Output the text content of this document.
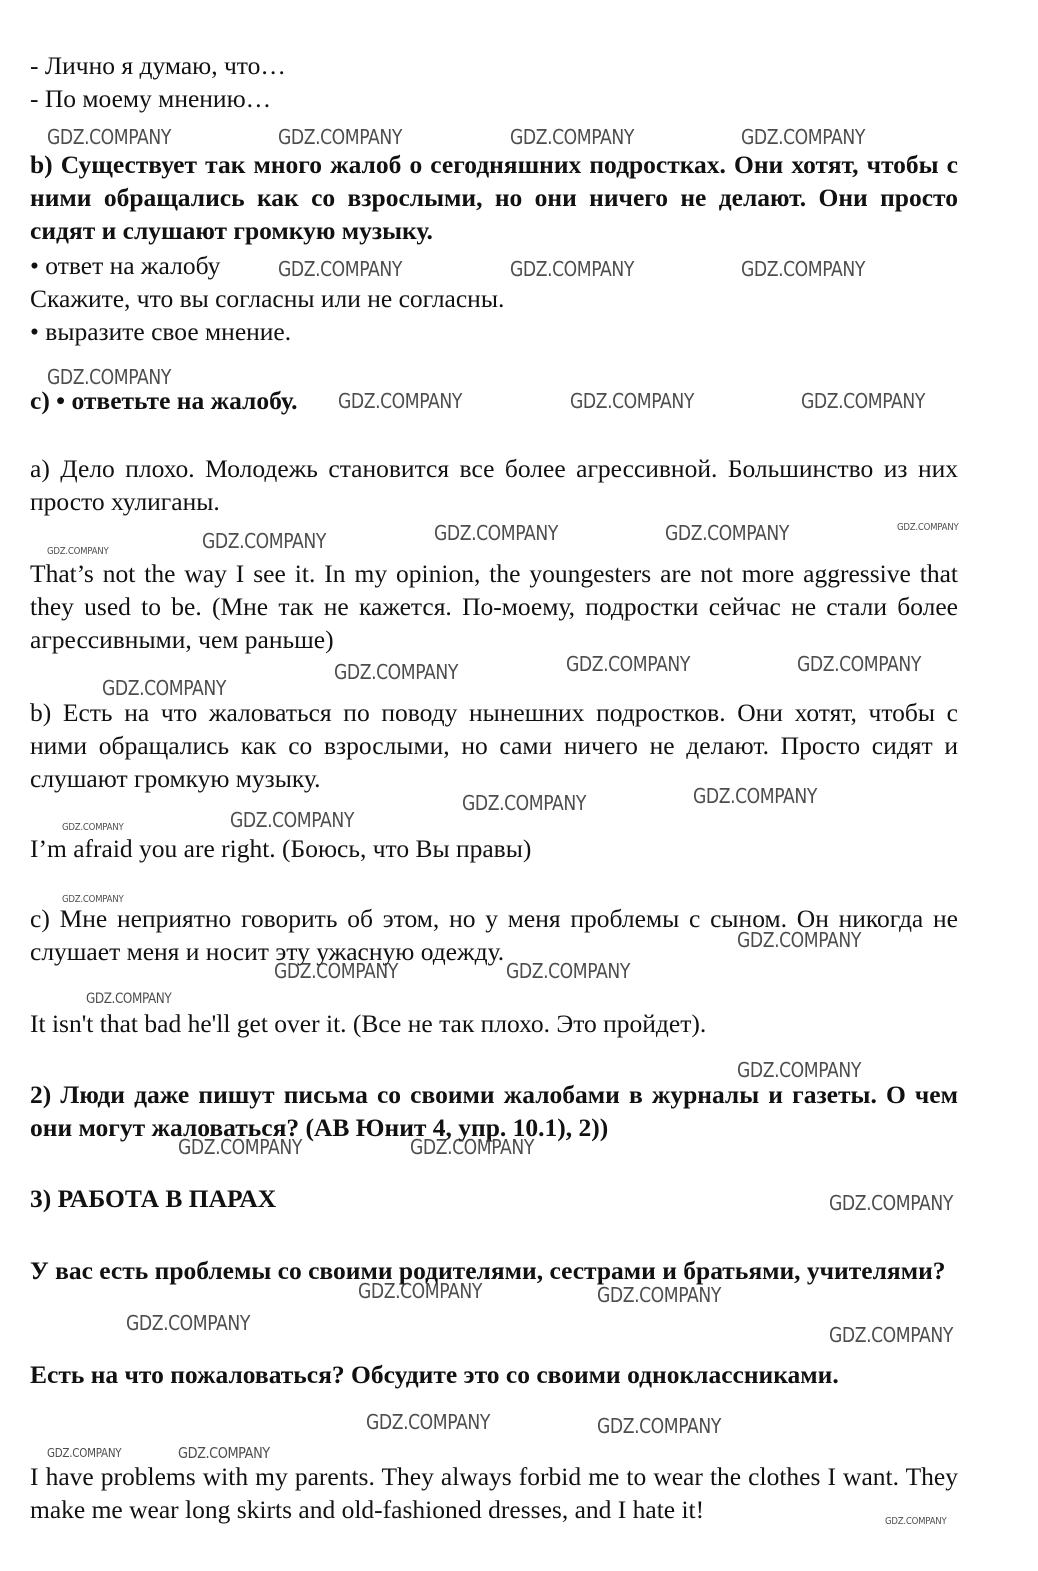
- Лично я думаю, что…

- По моему мнению…

b) Существует так много жалоб о сегодняшних подростках. Они хотят, чтобы с ними обращались как со взрослыми, но они ничего не делают. Они просто сидят и слушают громкую музыку.

• ответ на жалобу

Скажите, что вы согласны или не согласны.

• выразите свое мнение.

c) • ответьте на жалобу.

а) Дело плохо. Молодежь становится все более агрессивной. Большинство из них просто хулиганы.

That’s not the way I see it. In my opinion, the youngesters are not more aggressive that they used to be. (Мне так не кажется. По-моему, подростки сейчас не стали более агрессивными, чем раньше)

b) Есть на что жаловаться по поводу нынешних подростков. Они хотят, чтобы с ними обращались как со взрослыми, но сами ничего не делают. Просто сидят и слушают громкую музыку.

I’m afraid you are right. (Боюсь, что Вы правы)

с) Мне неприятно говорить об этом, но у меня проблемы с сыном. Он никогда не слушает меня и носит эту ужасную одежду.

It isn't that bad he'll get over it. (Все не так плохо. Это пройдет).

2) Люди даже пишут письма со своими жалобами в журналы и газеты. О чем они могут жаловаться? (АВ Юнит 4, упр. 10.1), 2))

3) РАБОТА В ПАРАХ

У вас есть проблемы со своими родителями, сестрами и братьями, учителями?

Есть на что пожаловаться? Обсудите это со своими одноклассниками.

I have problems with my parents. They always forbid me to wear the clothes I want. They make me wear long skirts and old-fashioned dresses, and I hate it!

GDZ.COMPANY	GDZ.COMPANY	GDZ.COMPANY	GDZ.COMPANY
GDZ.COMPANY	GDZ.COMPANY	GDZ.COMPANY
GDZ.COMPANY
GDZ.COMPANY	GDZ.COMPANY	GDZ.COMPANY
GDZ.COMPANY	GDZ.COMPANY	GDZ.COMPANY	GDZ.COMPANY
GDZ.COMPANY
GDZ.COMPANY	GDZ.COMPANY	GDZ.COMPANY
GDZ.COMPANY
GDZ.COMPANY	GDZ.COMPANY
GDZ.COMPANY
GDZ.COMPANY
GDZ.COMPANY
GDZ.COMPANY
GDZ.COMPANY	GDZ.COMPANY
GDZ.COMPANY
GDZ.COMPANY
GDZ.COMPANY	GDZ.COMPANY
GDZ.COMPANY
GDZ.COMPANY	GDZ.COMPANY
GDZ.COMPANY	GDZ.COMPANY
GDZ.COMPANY	GDZ.COMPANY
GDZ.COMPANY	GDZ.COMPANY
GDZ.COMPANY
